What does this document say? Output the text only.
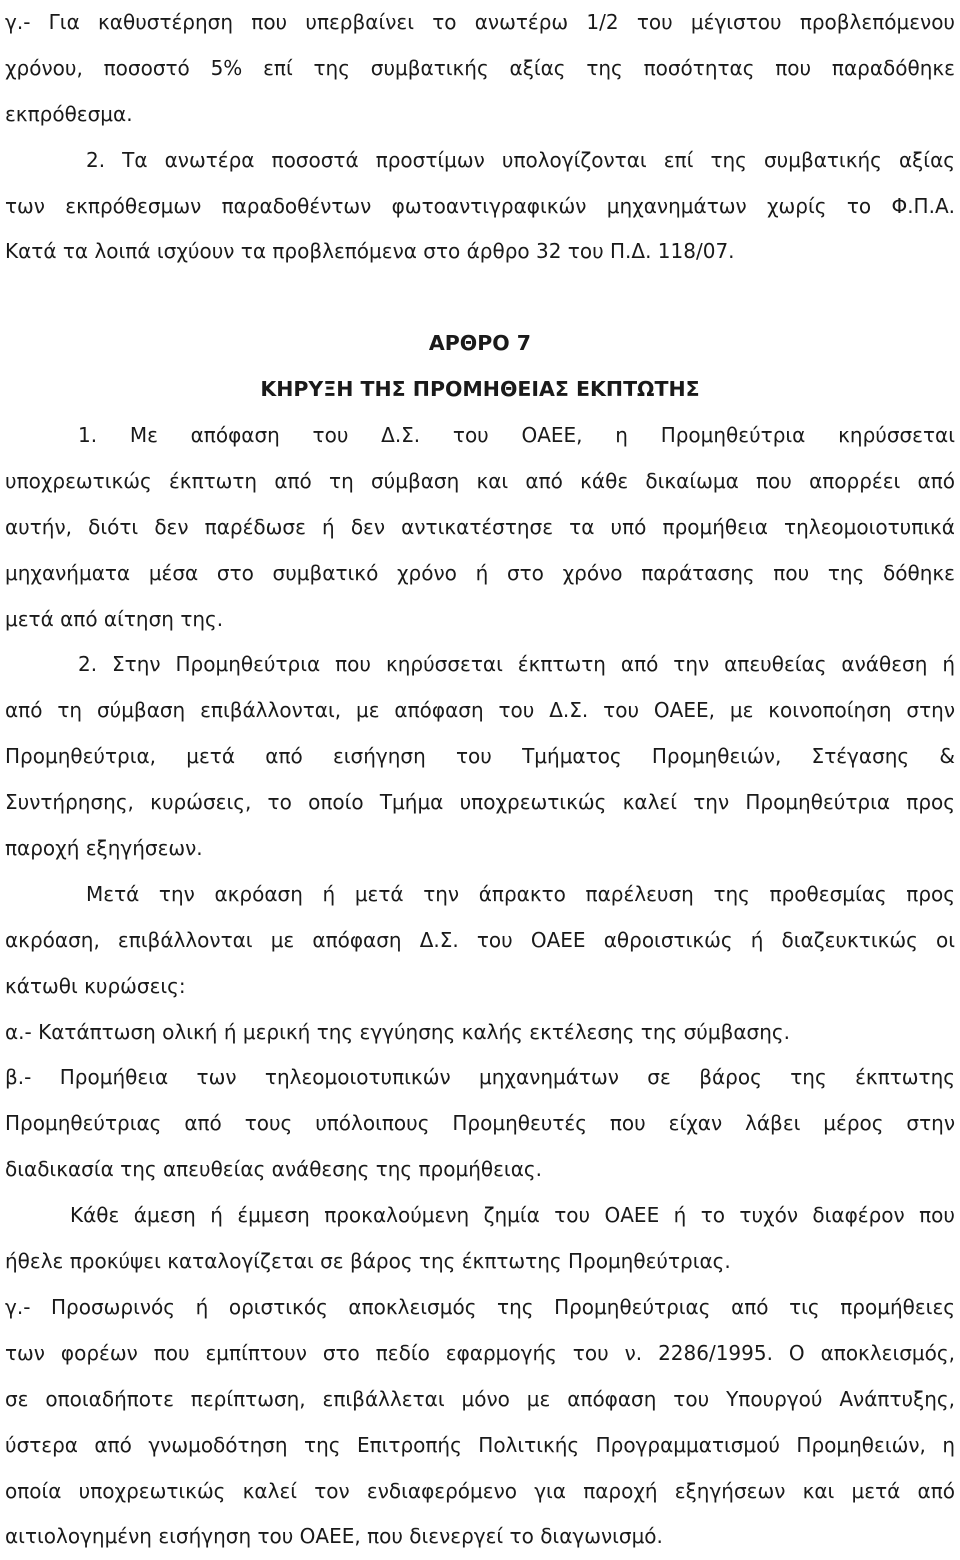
γ.- Για καθυστέρηση που υπερβαίνει το ανωτέρω 1/2 του μέγιστου προβλεπόμενου
χρόνου, ποσοστό 5% επί της συμβατικής αξίας της ποσότητας που παραδόθηκε
εκπρόθεσμα.
2. Τα ανωτέρα ποσοστά προστίμων υπολογίζονται επί της συμβατικής αξίας
των εκπρόθεσμων παραδοθέντων φωτοαντιγραφικών μηχανημάτων χωρίς το Φ.Π.Α.
Κατά τα λοιπά ισχύουν τα προβλεπόμενα στο άρθρο 32 του Π.Δ. 118/07.
ΑΡΘΡΟ 7
ΚΗΡΥΞΗ ΤΗΣ ΠΡΟΜΗΘΕΙΑΣ ΕΚΠΤΩΤΗΣ
1. Με απόφαση του Δ.Σ. του ΟΑΕΕ, η Προμηθεύτρια κηρύσσεται
υποχρεωτικώς έκπτωτη από τη σύμβαση και από κάθε δικαίωμα που απορρέει από
αυτήν, διότι δεν παρέδωσε ή δεν αντικατέστησε τα υπό προμήθεια τηλεομοιοτυπικά
μηχανήματα μέσα στο συμβατικό χρόνο ή στο χρόνο παράτασης που της δόθηκε
μετά από αίτηση της.
2. Στην Προμηθεύτρια που κηρύσσεται έκπτωτη από την απευθείας ανάθεση ή
από τη σύμβαση επιβάλλονται, με απόφαση του Δ.Σ. του ΟΑΕΕ, με κοινοποίηση στην
Προμηθεύτρια, μετά από εισήγηση του Τμήματος Προμηθειών, Στέγασης &
Συντήρησης, κυρώσεις, το οποίο Τμήμα υποχρεωτικώς καλεί την Προμηθεύτρια προς
παροχή εξηγήσεων.
Μετά την ακρόαση ή μετά την άπρακτο παρέλευση της προθεσμίας προς
ακρόαση, επιβάλλονται με απόφαση Δ.Σ. του ΟΑΕΕ αθροιστικώς ή διαζευκτικώς οι
κάτωθι κυρώσεις:
α.- Κατάπτωση ολική ή μερική της εγγύησης καλής εκτέλεσης της σύμβασης.
β.- Προμήθεια των τηλεομοιοτυπικών μηχανημάτων σε βάρος της έκπτωτης
Προμηθεύτριας από τους υπόλοιπους Προμηθευτές που είχαν λάβει μέρος στην
διαδικασία της απευθείας ανάθεσης της προμήθειας.
Κάθε άμεση ή έμμεση προκαλούμενη ζημία του ΟΑΕΕ ή το τυχόν διαφέρον που
ήθελε προκύψει καταλογίζεται σε βάρος της έκπτωτης Προμηθεύτριας.
γ.- Προσωρινός ή οριστικός αποκλεισμός της Προμηθεύτριας από τις προμήθειες
των φορέων που εμπίπτουν στο πεδίο εφαρμογής του ν. 2286/1995. Ο αποκλεισμός,
σε οποιαδήποτε περίπτωση, επιβάλλεται μόνο με απόφαση του Υπουργού Ανάπτυξης,
ύστερα από γνωμοδότηση της Επιτροπής Πολιτικής Προγραμματισμού Προμηθειών, η
οποία υποχρεωτικώς καλεί τον ενδιαφερόμενο για παροχή εξηγήσεων και μετά από
αιτιολογημένη εισήγηση του ΟΑΕΕ, που διενεργεί το διαγωνισμό.
